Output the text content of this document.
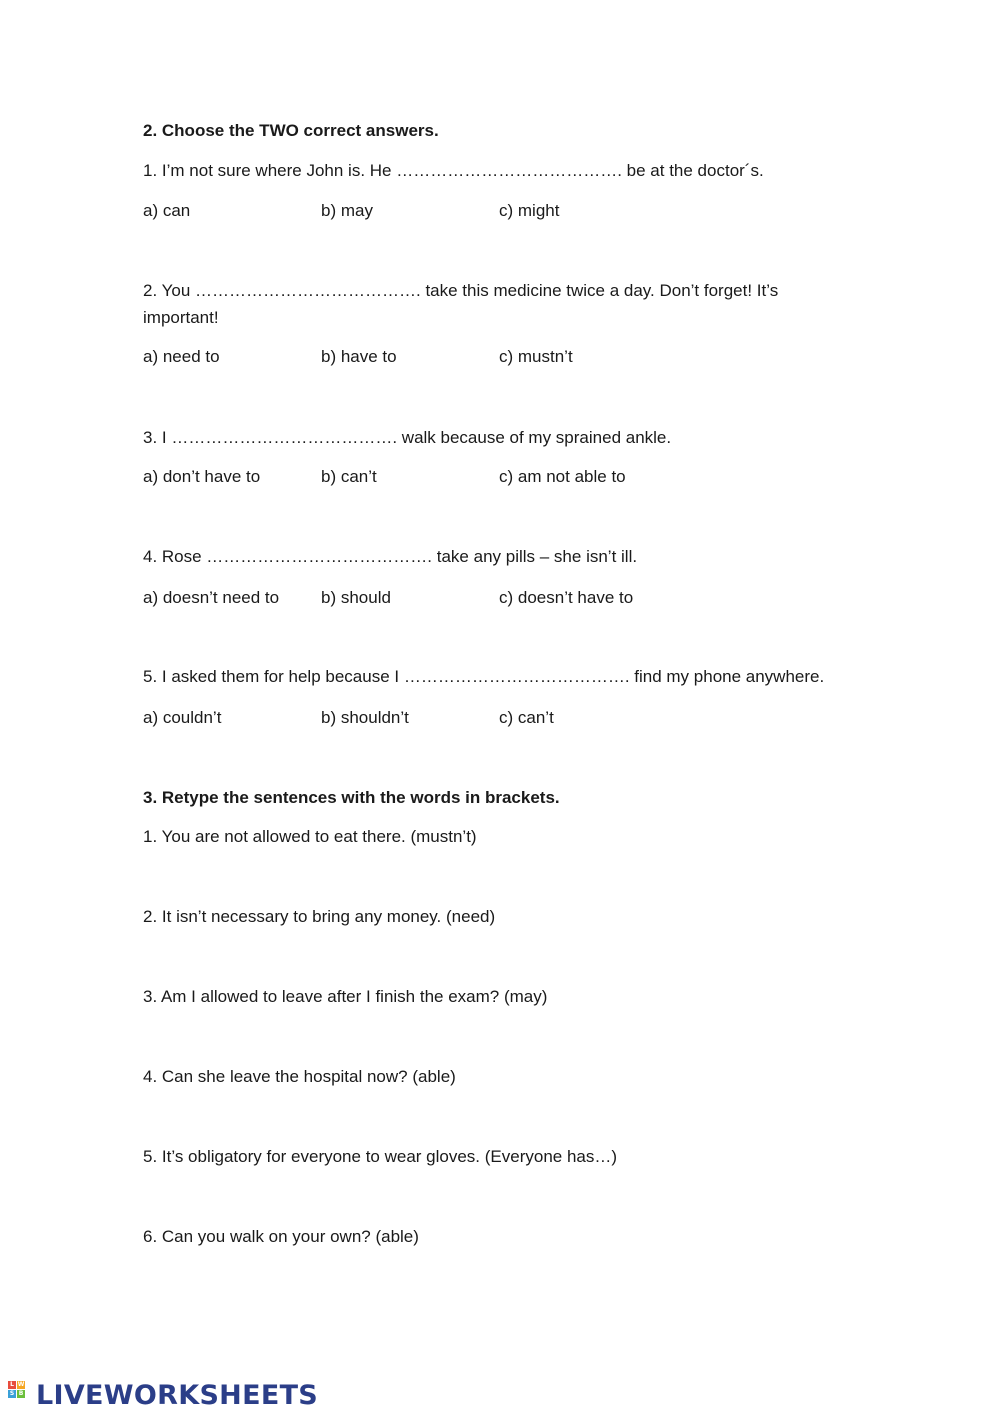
2. Choose the TWO correct answers.
1. I’m not sure where John is. He …………………………………. be at the doctor´s.
a) can	b) may	c) might
2. You …………………………………. take this medicine twice a day. Don’t forget! It’s
important!
a) need to	b) have to	c) mustn’t
3. I …………………………………. walk because of my sprained ankle.
a) don’t have to	b) can’t	c) am not able to
4. Rose …………………………………. take any pills – she isn’t ill.
a) doesn’t need to b) should	c) doesn’t have to
5. I asked them for help because I …………………………………. find my phone anywhere.
a) couldn’t	b) shouldn’t	c) can’t
3. Retype the sentences with the words in brackets.
1. You are not allowed to eat there. (mustn’t)
2. It isn’t necessary to bring any money. (need)
3. Am I allowed to leave after I finish the exam? (may)
4. Can she leave the hospital now? (able)
5. It’s obligatory for everyone to wear gloves. (Everyone has…)
6. Can you walk on your own? (able)
L W
S B LIVEWORKSHEETS
